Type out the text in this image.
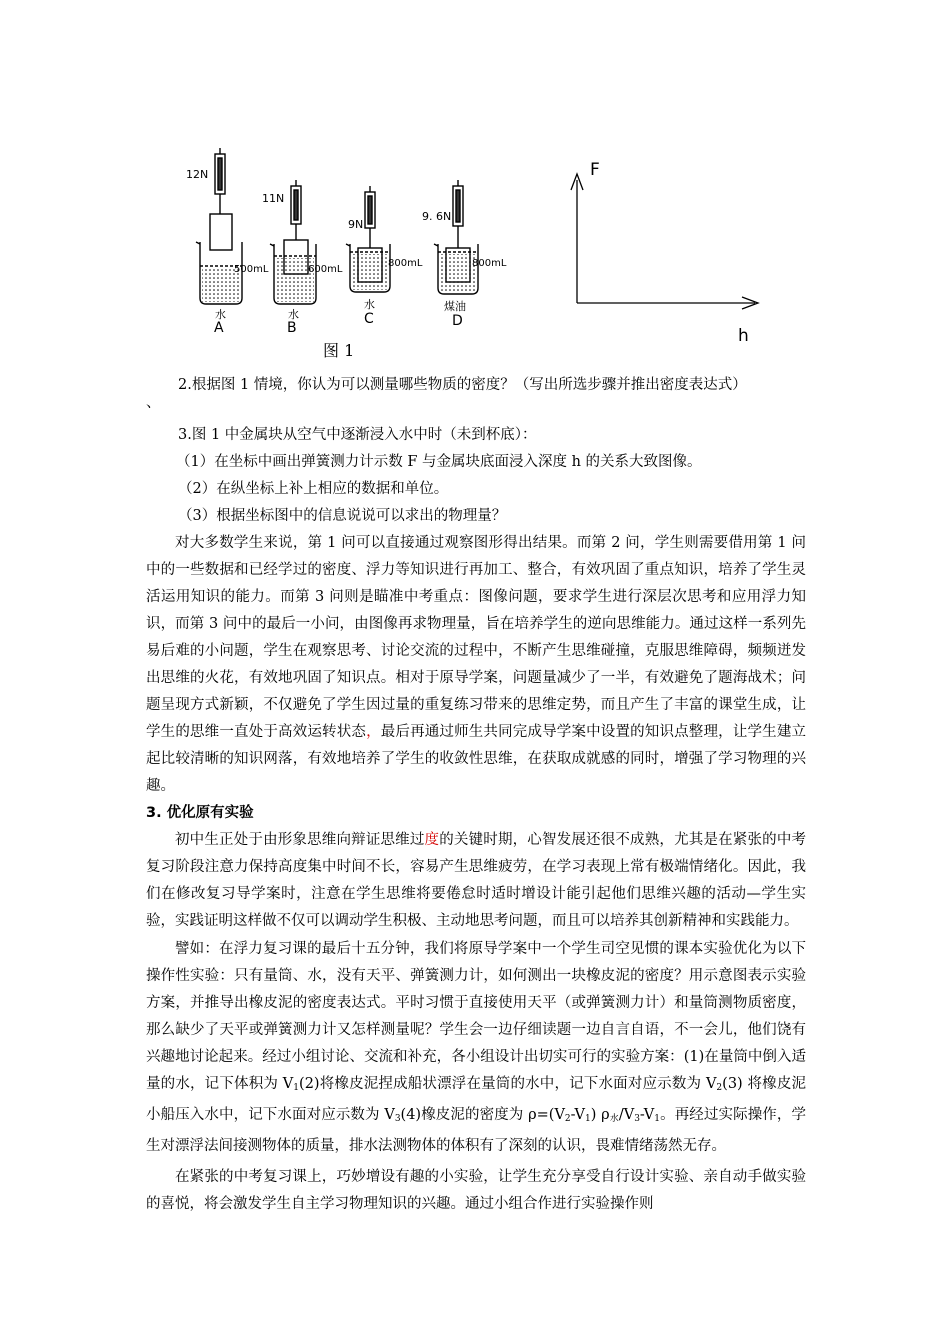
12N
500mL
水
A
11N
600mL
水
B
9N
800mL
水
C
9. 6N
800mL
煤油
D
F
h
图 1
2.根据图 1 情境，你认为可以测量哪些物质的密度？（写出所选步骤并推出密度表达式）
、
3.图 1 中金属块从空气中逐渐浸入水中时（未到杯底）：
（1）在坐标中画出弹簧测力计示数 F 与金属块底面浸入深度 h 的关系大致图像。
（2）在纵坐标上补上相应的数据和单位。
（3）根据坐标图中的信息说说可以求出的物理量？
对大多数学生来说，第 1 问可以直接通过观察图形得出结果。而第 2 问，学生则需要借用第 1 问中的一些数据和已经学过的密度、浮力等知识进行再加工、整合，有效巩固了重点知识，培养了学生灵活运用知识的能力。而第 3 问则是瞄准中考重点：图像问题，要求学生进行深层次思考和应用浮力知识，而第 3 问中的最后一小问，由图像再求物理量，旨在培养学生的逆向思维能力。通过这样一系列先易后难的小问题，学生在观察思考、讨论交流的过程中，不断产生思维碰撞，克服思维障碍，频频迸发出思维的火花，有效地巩固了知识点。相对于原导学案，问题量减少了一半，有效避免了题海战术；问题呈现方式新颖，不仅避免了学生因过量的重复练习带来的思维定势，而且产生了丰富的课堂生成，让学生的思维一直处于高效运转状态，最后再通过师生共同完成导学案中设置的知识点整理，让学生建立起比较清晰的知识网落，有效地培养了学生的收敛性思维，在获取成就感的同时，增强了学习物理的兴趣。
3. 优化原有实验
初中生正处于由形象思维向辩证思维过度的关键时期，心智发展还很不成熟，尤其是在紧张的中考复习阶段注意力保持高度集中时间不长，容易产生思维疲劳，在学习表现上常有极端情绪化。因此，我们在修改复习导学案时，注意在学生思维将要倦怠时适时增设计能引起他们思维兴趣的活动—学生实验，实践证明这样做不仅可以调动学生积极、主动地思考问题，而且可以培养其创新精神和实践能力。
譬如：在浮力复习课的最后十五分钟，我们将原导学案中一个学生司空见惯的课本实验优化为以下操作性实验：只有量筒、水，没有天平、弹簧测力计，如何测出一块橡皮泥的密度？用示意图表示实验方案，并推导出橡皮泥的密度表达式。平时习惯于直接使用天平（或弹簧测力计）和量筒测物质密度，那么缺少了天平或弹簧测力计又怎样测量呢？学生会一边仔细读题一边自言自语，不一会儿，他们饶有兴趣地讨论起来。经过小组讨论、交流和补充，各小组设计出切实可行的实验方案：(1)在量筒中倒入适量的水，记下体积为 $V_1(2)$将橡皮泥捏成船状漂浮在量筒的水中，记下水面对应示数为 $V_2(3)$ 将橡皮泥小船压入水中，记下水面对应示数为 $V_3(4)$橡皮泥的密度为 $\rho=(V_2-V_1)$ $\rho_水/V_3-V_1$。再经过实际操作，学生对漂浮法间接测物体的质量，排水法测物体的体积有了深刻的认识，畏难情绪荡然无存。
在紧张的中考复习课上，巧妙增设有趣的小实验，让学生充分享受自行设计实验、亲自动手做实验的喜悦，将会激发学生自主学习物理知识的兴趣。通过小组合作进行实验操作则
